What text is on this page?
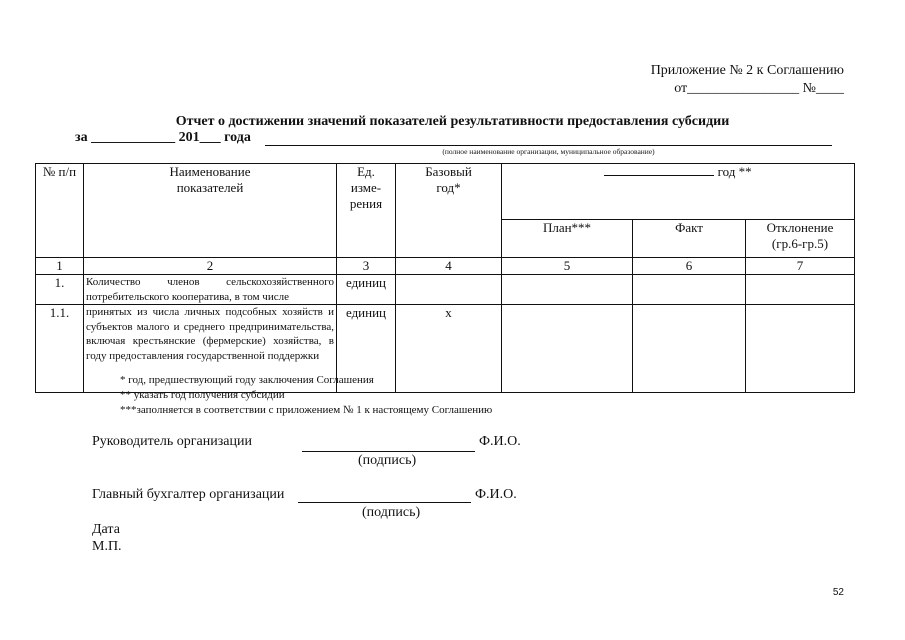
Приложение № 2 к Соглашению
от________________ №____
Отчет о достижении значений показателей результативности предоставления субсидии
за ____________ 201___ года
(полное наименование организации, муниципальное образование)
№ п/п	Наименование показателей	Ед. изме- рения	Базовый год*	год **		
				План***	Факт	Отклонение (гр.6-гр.5)
1	2	3	4	5	6	7
1.	Количество членов сельскохозяйственного потребительского кооператива, в том числе	единиц				
1.1.	принятых из числа личных подсобных хозяйств и субъектов малого и среднего предпринимательства, включая крестьянские (фермерские) хозяйства, в году предоставления государственной поддержки	единиц	х			
* год, предшествующий году заключения Соглашения
** указать год получения субсидии
***заполняется в соответствии с приложением № 1 к настоящему Соглашению
Руководитель организации	Ф.И.О.
(подпись)
Главный бухгалтер организации	Ф.И.О.
(подпись)
Дата
М.П.
52
